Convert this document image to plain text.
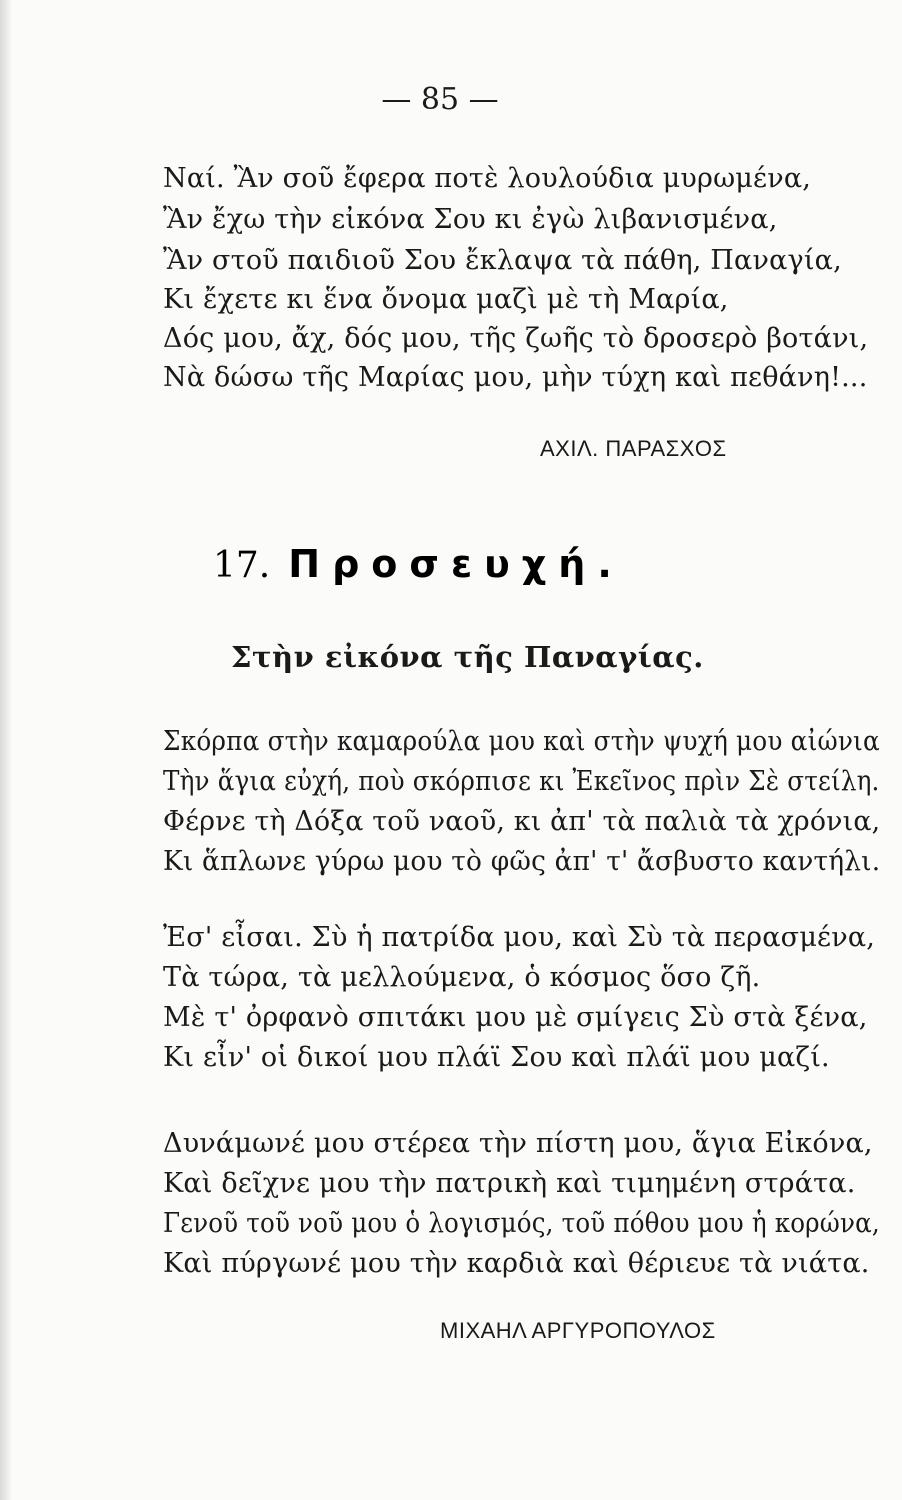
— 85 —
Ναί. Ἂν σοῦ ἔφερα ποτὲ λουλούδια μυρωμένα,
Ἂν ἔχω τὴν εἰκόνα Σου κι ἐγὼ λιβανισμένα,
Ἂν στοῦ παιδιοῦ Σου ἔκλαψα τὰ πάθη, Παναγία,
Κι ἔχετε κι ἕνα ὄνομα μαζὶ μὲ τὴ Μαρία,
Δός μου, ἄχ, δός μου, τῆς ζωῆς τὸ δροσερὸ βοτάνι,
Νὰ δώσω τῆς Μαρίας μου, μὴν τύχη καὶ πεθάνη!...
ΑΧΙΛ. ΠΑΡΑΣΧΟΣ
17. Προσευχή.
Στὴν εἰκόνα τῆς Παναγίας.
Σκόρπα στὴν καμαρούλα μου καὶ στὴν ψυχή μου αἰώνια
Τὴν ἅγια εὐχή, ποὺ σκόρπισε κι Ἐκεῖνος πρὶν Σὲ στείλη.
Φέρνε τὴ Δόξα τοῦ ναοῦ, κι ἀπ' τὰ παλιὰ τὰ χρόνια,
Κι ἅπλωνε γύρω μου τὸ φῶς ἀπ' τ' ἄσβυστο καντήλι.
Ἐσ' εἶσαι. Σὺ ἡ πατρίδα μου, καὶ Σὺ τὰ περασμένα,
Τὰ τώρα, τὰ μελλούμενα, ὁ κόσμος ὅσο ζῆ.
Μὲ τ' ὀρφανὸ σπιτάκι μου μὲ σμίγεις Σὺ στὰ ξένα,
Κι εἶν' οἱ δικοί μου πλάϊ Σου καὶ πλάϊ μου μαζί.
Δυνάμωνέ μου στέρεα τὴν πίστη μου, ἅγια Εἰκόνα,
Καὶ δεῖχνε μου τὴν πατρικὴ καὶ τιμημένη στράτα.
Γενοῦ τοῦ νοῦ μου ὁ λογισμός, τοῦ πόθου μου ἡ κορώνα,
Καὶ πύργωνέ μου τὴν καρδιὰ καὶ θέριευε τὰ νιάτα.
ΜΙΧΑΗΛ ΑΡΓΥΡΟΠΟΥΛΟΣ
